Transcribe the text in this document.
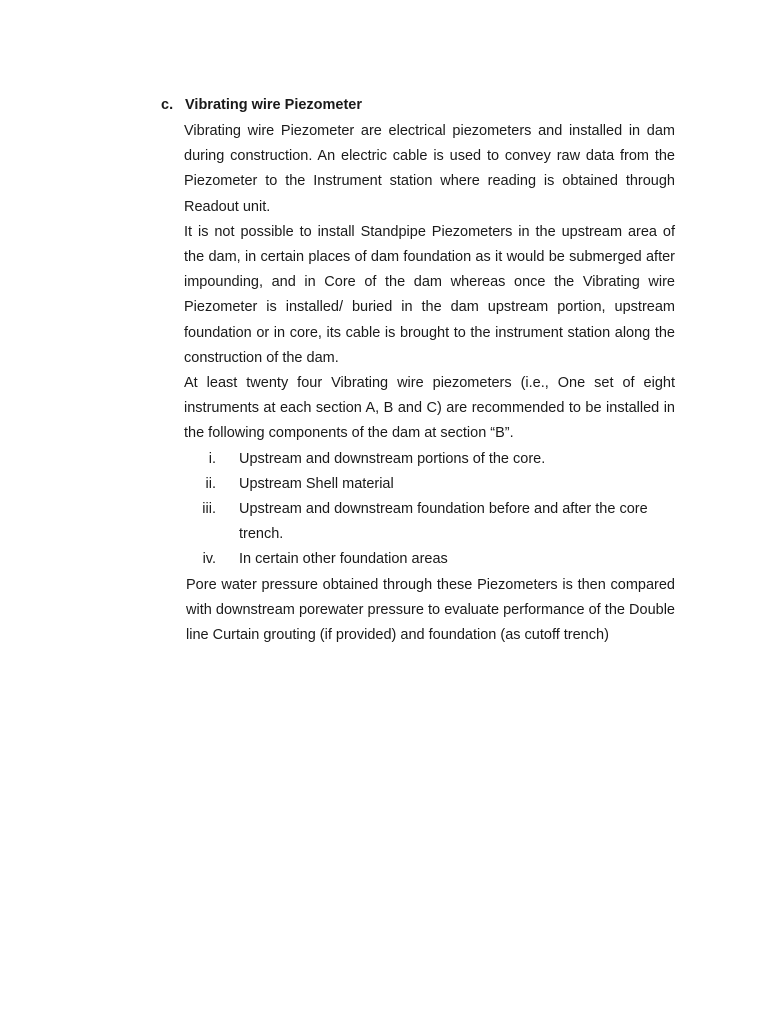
c. Vibrating wire Piezometer

Vibrating wire Piezometer are electrical piezometers and installed in dam during construction. An electric cable is used to convey raw data from the Piezometer to the Instrument station where reading is obtained through Readout unit.

It is not possible to install Standpipe Piezometers in the upstream area of the dam, in certain places of dam foundation as it would be submerged after impounding, and in Core of the dam whereas once the Vibrating wire Piezometer is installed/ buried in the dam upstream portion, upstream foundation or in core, its cable is brought to the instrument station along the construction of the dam.

At least twenty four Vibrating wire piezometers (i.e., One set of eight instruments at each section A, B and C) are recommended to be installed in the following components of the dam at section “B”.

i.	Upstream and downstream portions of the core.
ii.	Upstream Shell material
iii.	Upstream and downstream foundation before and after the core trench.
iv.	In certain other foundation areas

Pore water pressure obtained through these Piezometers is then compared with downstream porewater pressure to evaluate performance of the Double line Curtain grouting (if provided) and foundation (as cutoff trench)
